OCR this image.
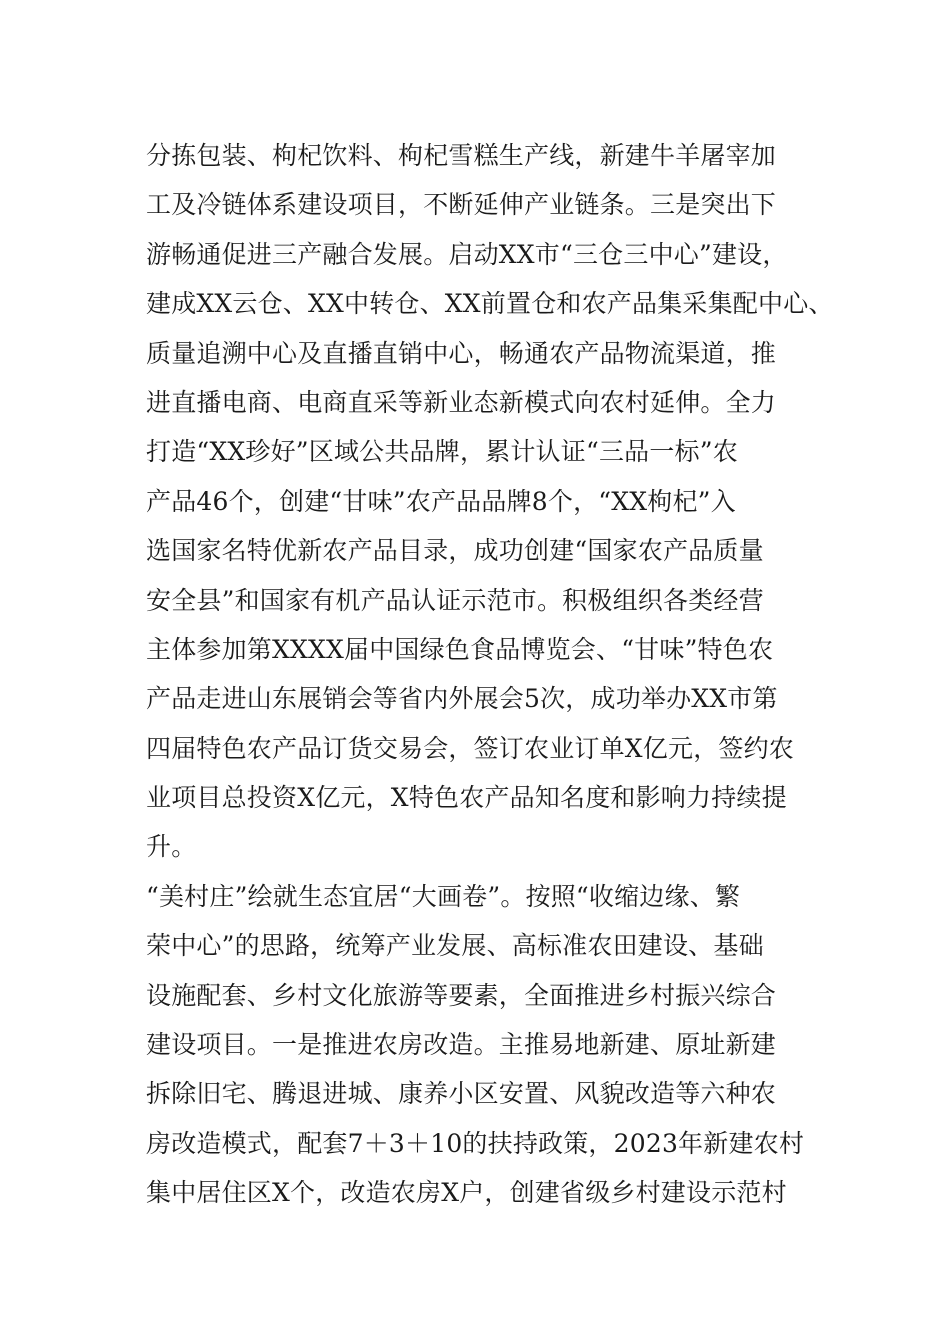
分拣包装、枸杞饮料、枸杞雪糕生产线，新建牛羊屠宰加
工及冷链体系建设项目，不断延伸产业链条。三是突出下
游畅通促进三产融合发展。启动XX市“三仓三中心”建设，
建成XX云仓、XX中转仓、XX前置仓和农产品集采集配中心、
质量追溯中心及直播直销中心，畅通农产品物流渠道，推
进直播电商、电商直采等新业态新模式向农村延伸。全力
打造“XX珍好”区域公共品牌，累计认证“三品一标”农
产品46个，创建“甘味”农产品品牌8个，“XX枸杞”入
选国家名特优新农产品目录，成功创建“国家农产品质量
安全县”和国家有机产品认证示范市。积极组织各类经营
主体参加第XXXX届中国绿色食品博览会、“甘味”特色农
产品走进山东展销会等省内外展会5次，成功举办XX市第
四届特色农产品订货交易会，签订农业订单X亿元，签约农
业项目总投资X亿元，X特色农产品知名度和影响力持续提
升。
“美村庄”绘就生态宜居“大画卷”。按照“收缩边缘、繁
荣中心”的思路，统筹产业发展、高标准农田建设、基础
设施配套、乡村文化旅游等要素，全面推进乡村振兴综合
建设项目。一是推进农房改造。主推易地新建、原址新建
拆除旧宅、腾退进城、康养小区安置、风貌改造等六种农
房改造模式，配套7＋3＋10的扶持政策，2023年新建农村
集中居住区X个，改造农房X户，创建省级乡村建设示范村
